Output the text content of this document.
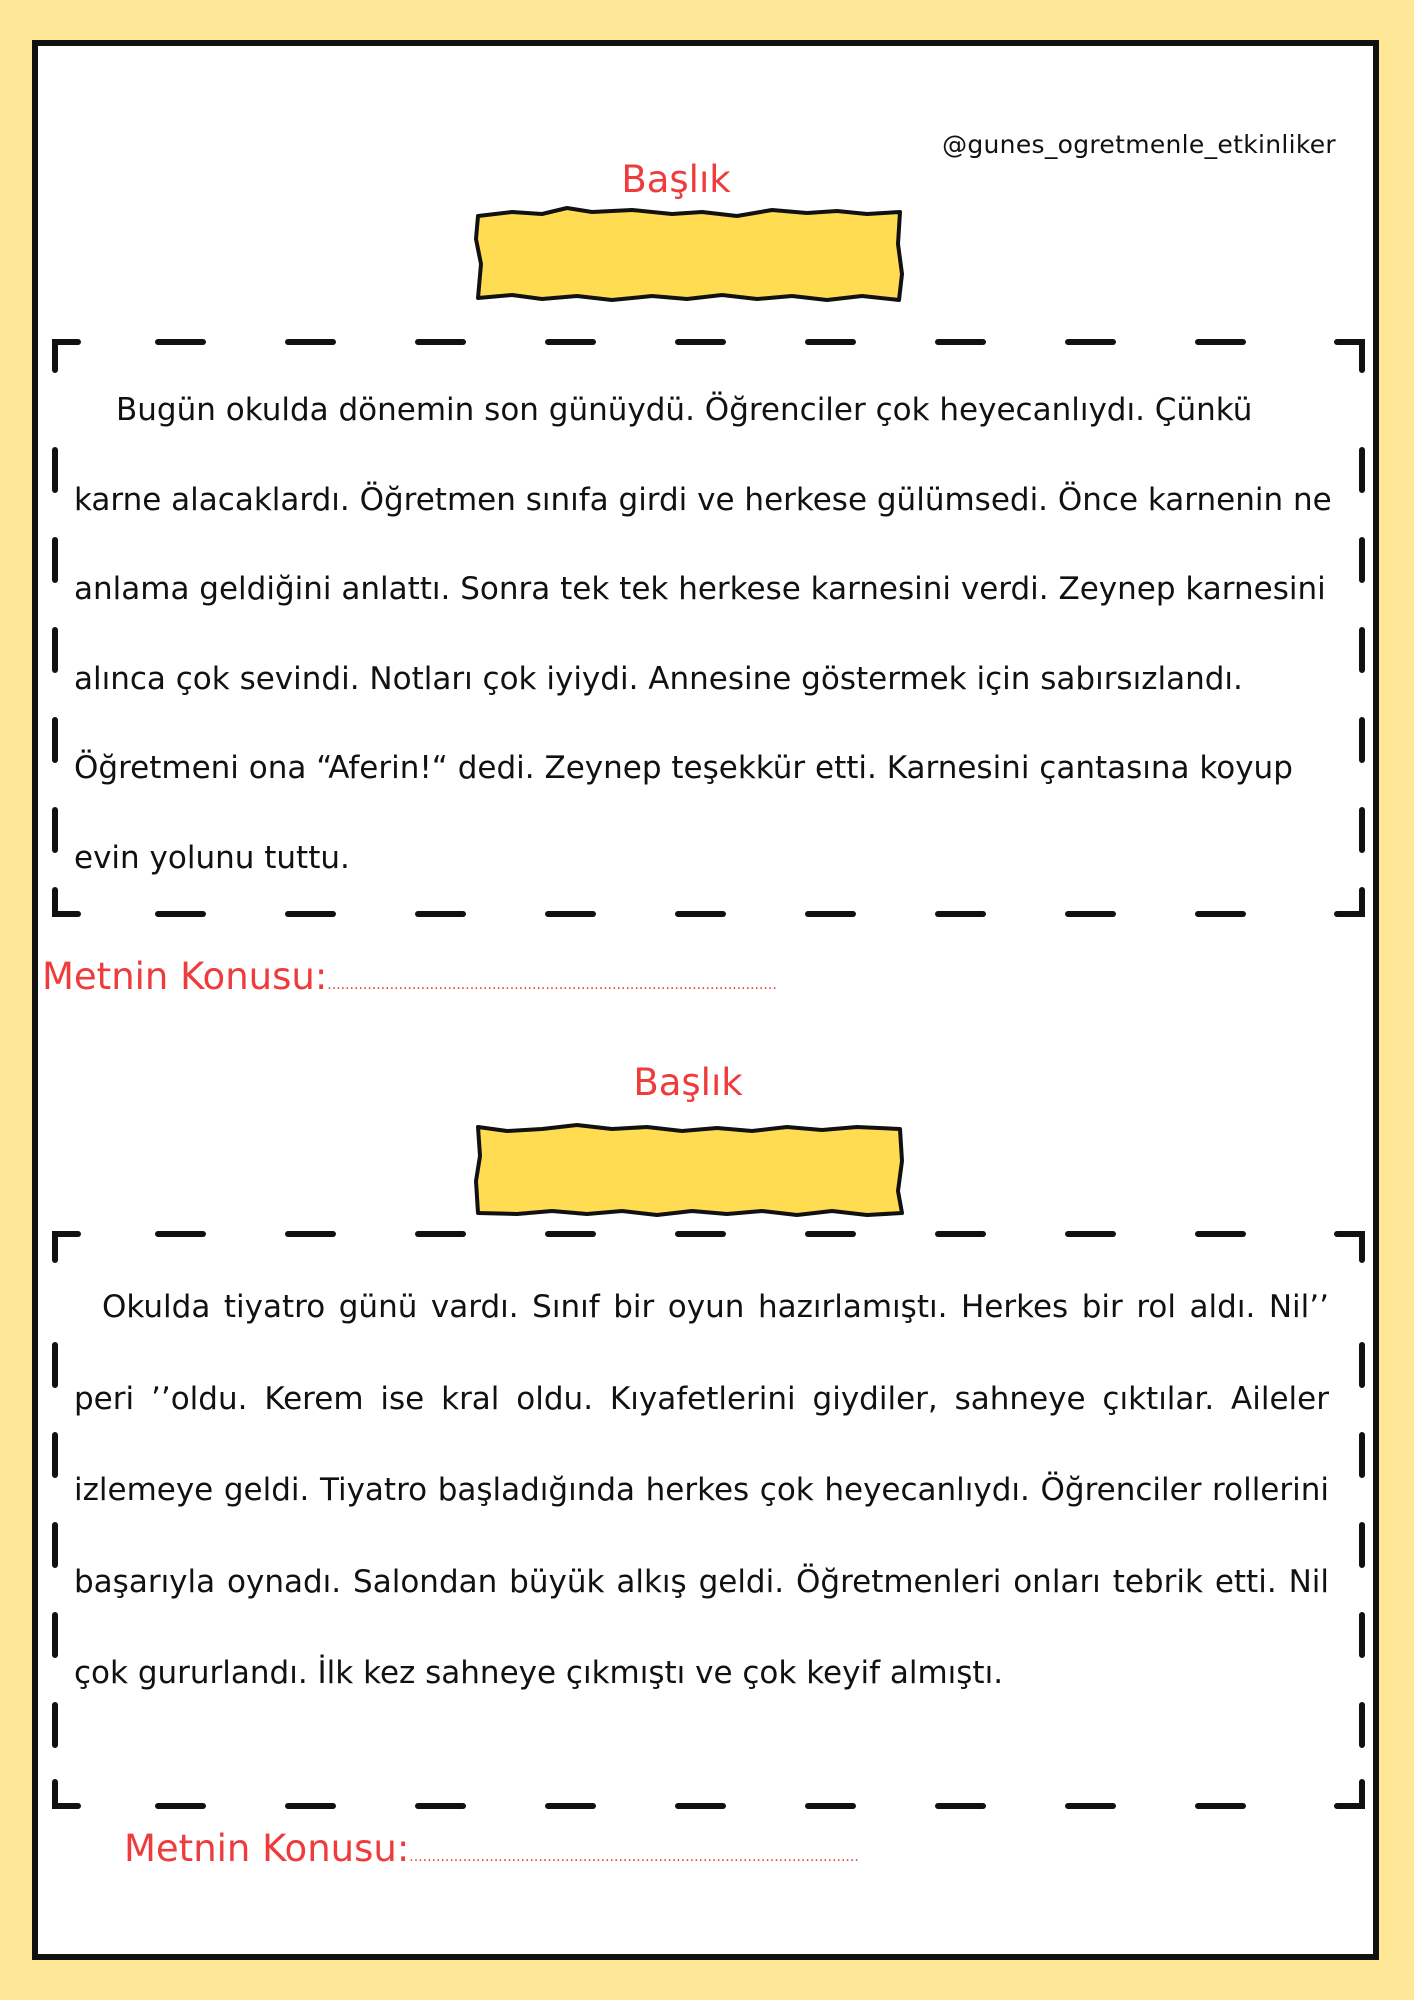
@gunes_ogretmenle_etkinliker
Başlık

Bugün okulda dönemin son günüydü. Öğrenciler çok heyecanlıydı. Çünkü karne alacaklardı. Öğretmen sınıfa girdi ve herkese gülümsedi. Önce karnenin ne anlama geldiğini anlattı. Sonra tek tek herkese karnesini verdi. Zeynep karnesini alınca çok sevindi. Notları çok iyiydi. Annesine göstermek için sabırsızlandı. Öğretmeni ona “Aferin!“ dedi. Zeynep teşekkür etti. Karnesini çantasına koyup evin yolunu tuttu.

Metnin Konusu:.....................................................................................................
Başlık

Okulda tiyatro günü vardı. Sınıf bir oyun hazırlamıştı. Herkes bir rol aldı. Nil’’ peri ’’oldu. Kerem ise kral oldu. Kıyafetlerini giydiler, sahneye çıktılar. Aileler izlemeye geldi. Tiyatro başladığında herkes çok heyecanlıydı. Öğrenciler rollerini başarıyla oynadı. Salondan büyük alkış geldi. Öğretmenleri onları tebrik etti. Nil çok gururlandı. İlk kez sahneye çıkmıştı ve çok keyif almıştı.

Metnin Konusu:.....................................................................................................
